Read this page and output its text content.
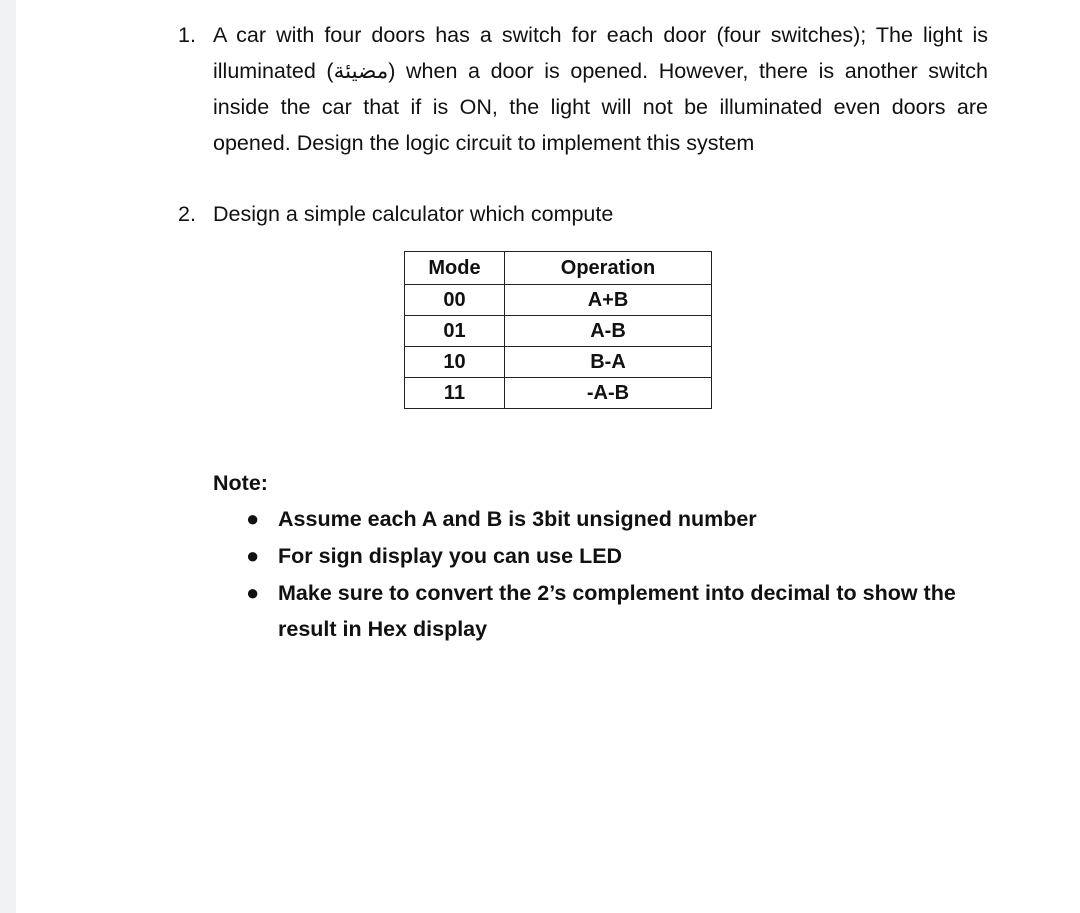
1. A car with four doors has a switch for each door (four switches); The light is illuminated (مضيئة) when a door is opened. However, there is another switch inside the car that if is ON, the light will not be illuminated even doors are opened. Design the logic circuit to implement this system
2. Design a simple calculator which compute
Mode	Operation
00	A+B
01	A-B
10	B-A
11	-A-B
Note:
● Assume each A and B is 3bit unsigned number
● For sign display you can use LED
● Make sure to convert the 2’s complement into decimal to show the result in Hex display
